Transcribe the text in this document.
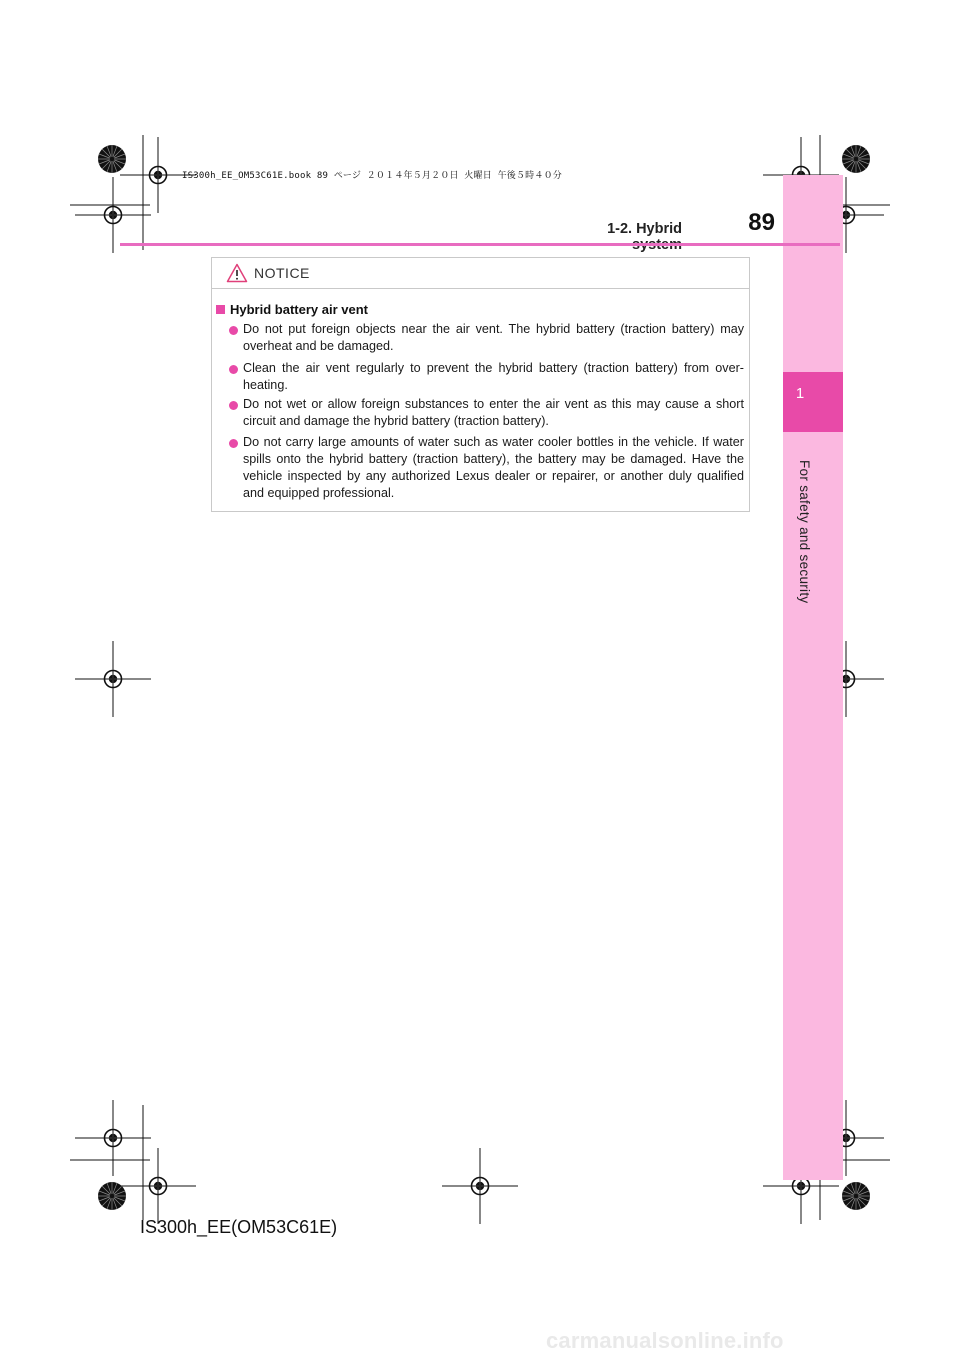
1
For safety and security
IS300h_EE_OM53C61E.book 89 ページ ２０１４年５月２０日 火曜日 午後５時４０分
1-2. Hybrid	89
NOTICE
Hybrid battery air vent
Do not put foreign objects near the air vent. The hybrid battery (traction battery) may overheat and be damaged.
Clean the air vent regularly to prevent the hybrid battery (traction battery) from over-heating.
Do not wet or allow foreign substances to enter the air vent as this may cause a short circuit and damage the hybrid battery (traction battery).
Do not carry large amounts of water such as water cooler bottles in the vehicle. If water spills onto the hybrid battery (traction battery), the battery may be damaged. Have the vehicle inspected by any authorized Lexus dealer or repairer, or another duly qualified and equipped professional.
IS300h_EE(OM53C61E)
carmanualsonline.info
